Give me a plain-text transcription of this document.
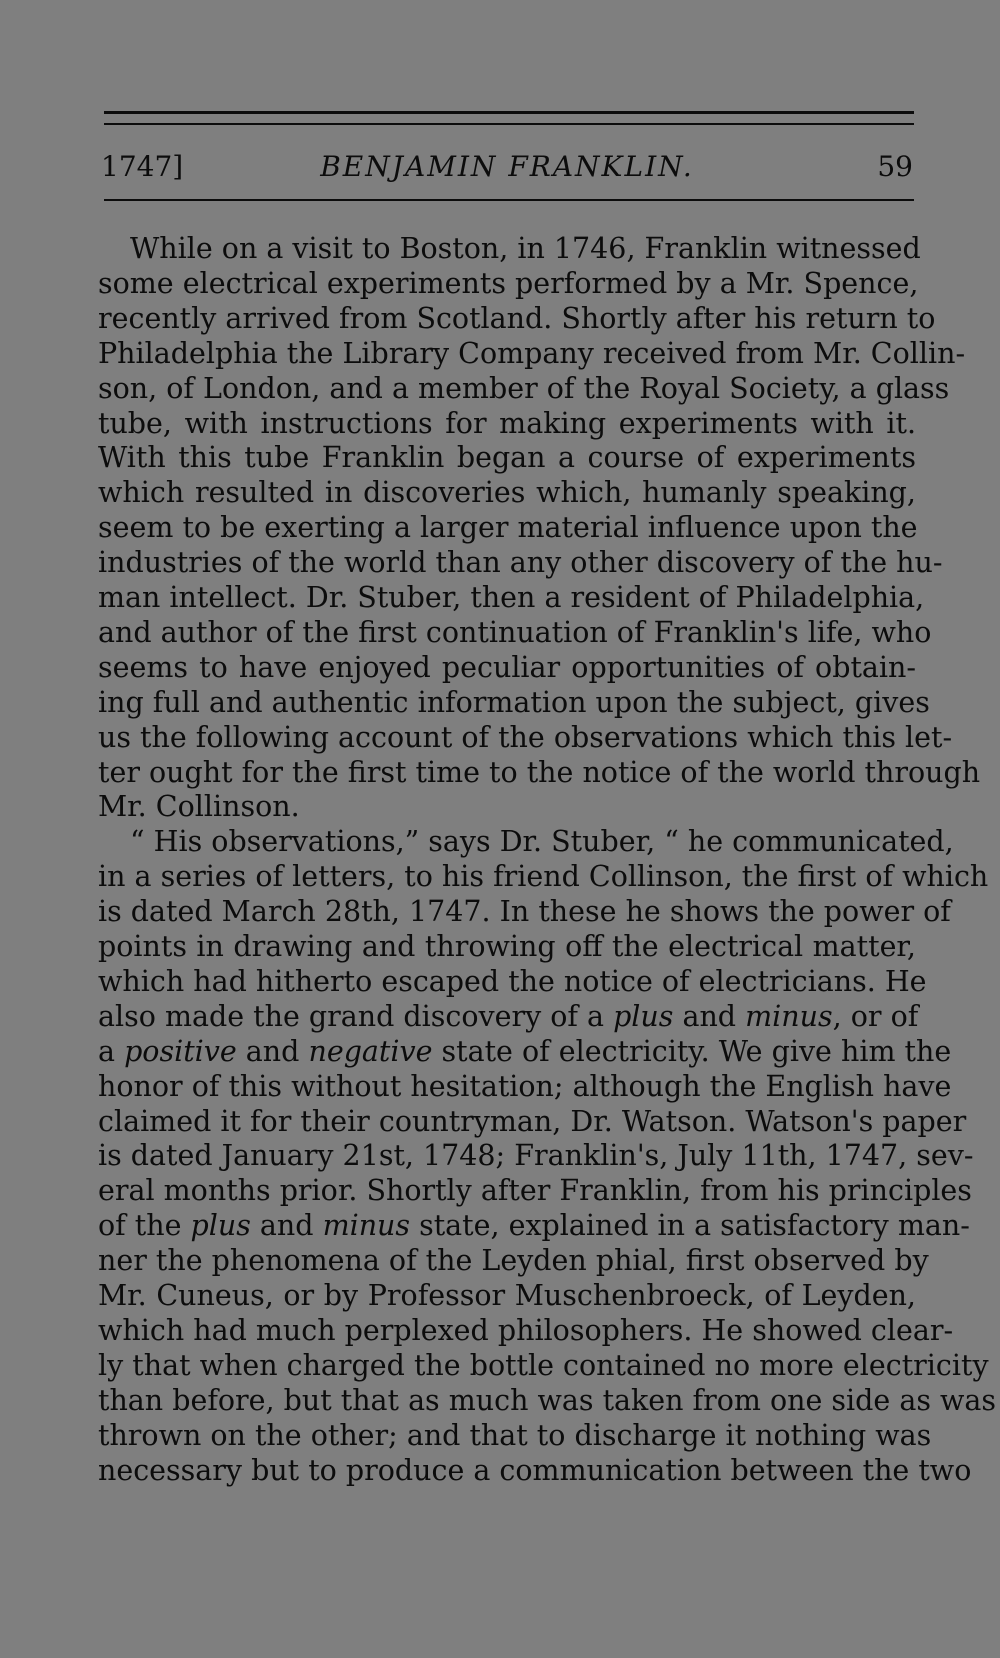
1747]	BENJAMIN FRANKLIN.	59
While on a visit to Boston, in 1746, Franklin witnessed
some electrical experiments performed by a Mr. Spence,
recently arrived from Scotland. Shortly after his return to
Philadelphia the Library Company received from Mr. Collin-
son, of London, and a member of the Royal Society, a glass
tube, with instructions for making experiments with it.
With this tube Franklin began a course of experiments
which resulted in discoveries which, humanly speaking,
seem to be exerting a larger material influence upon the
industries of the world than any other discovery of the hu-
man intellect. Dr. Stuber, then a resident of Philadelphia,
and author of the first continuation of Franklin's life, who
seems to have enjoyed peculiar opportunities of obtain-
ing full and authentic information upon the subject, gives
us the following account of the observations which this let-
ter ought for the first time to the notice of the world through
Mr. Collinson.
“ His observations,” says Dr. Stuber, “ he communicated,
in a series of letters, to his friend Collinson, the first of which
is dated March 28th, 1747. In these he shows the power of
points in drawing and throwing off the electrical matter,
which had hitherto escaped the notice of electricians. He
also made the grand discovery of a plus and minus, or of
a positive and negative state of electricity. We give him the
honor of this without hesitation; although the English have
claimed it for their countryman, Dr. Watson. Watson's paper
is dated January 21st, 1748; Franklin's, July 11th, 1747, sev-
eral months prior. Shortly after Franklin, from his principles
of the plus and minus state, explained in a satisfactory man-
ner the phenomena of the Leyden phial, first observed by
Mr. Cuneus, or by Professor Muschenbroeck, of Leyden,
which had much perplexed philosophers. He showed clear-
ly that when charged the bottle contained no more electricity
than before, but that as much was taken from one side as was
thrown on the other; and that to discharge it nothing was
necessary but to produce a communication between the two
